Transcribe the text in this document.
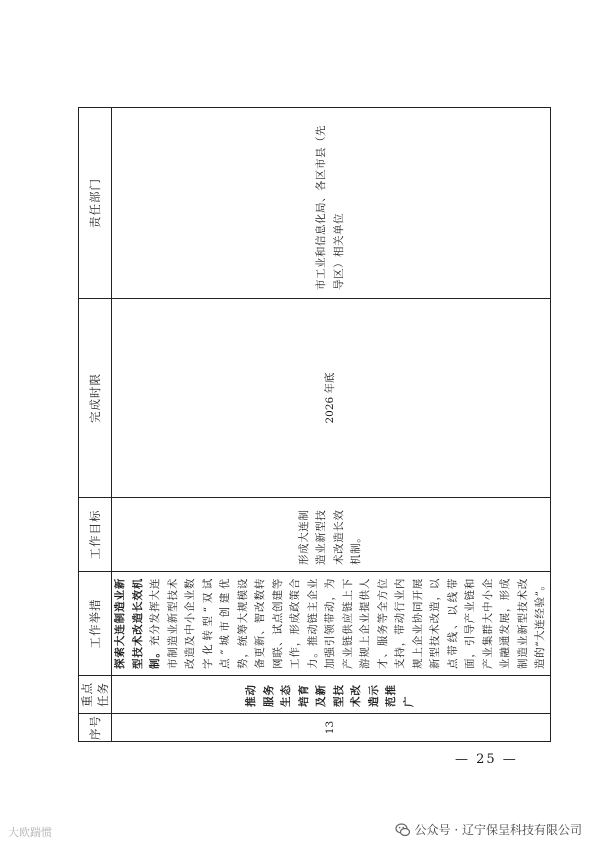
序号	重点任务	工作举措	工作目标	完成时限	责任部门
13	推动服务生态培育及新型技术改造示范推广	探索大连制造业新型技术改造长效机制。充分发挥大连市制造业新型技术改造及中小企业数字化转型“双试点”城市创建优势，统筹大规模设备更新、智改数转网联、试点创建等工作，形成政策合力。推动链主企业加强引领带动，为产业链供应链上下游规上企业提供人才、服务等全方位支持，带动行业内规上企业协同开展新型技术改造，以点带线、以线带面，引导产业链和产业集群大中小企业融通发展，形成制造业新型技术改造的“大连经验”。	形成大连制造业新型技术改造长效机制。	2026 年底	市工业和信息化局、各区市县（先导区）相关单位
— 25 —
大欧踹惯	公众号 · 辽宁保呈科技有限公司
